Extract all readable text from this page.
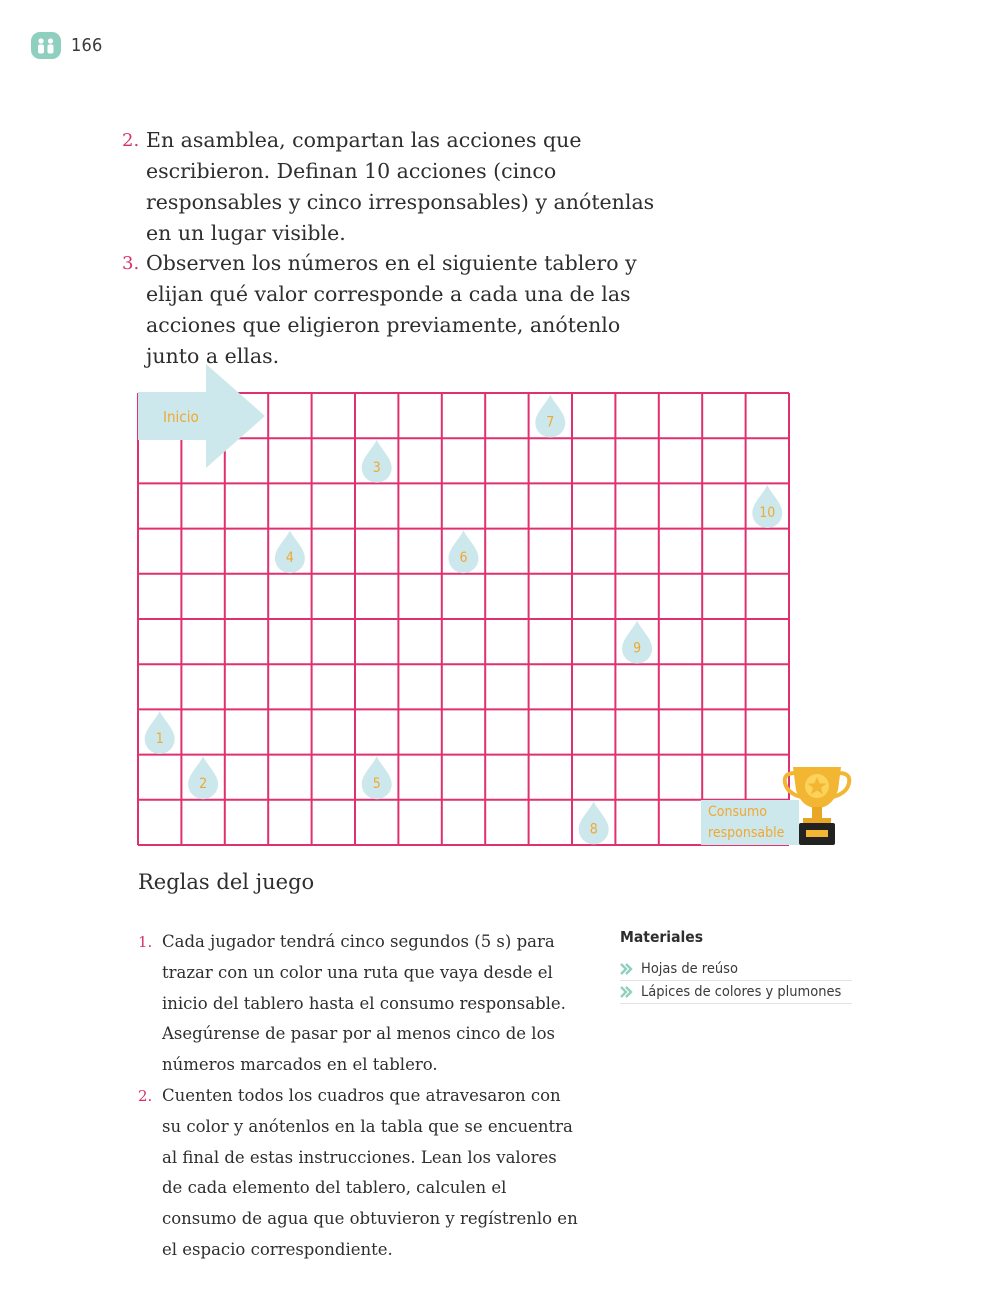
166
2. En asamblea, compartan las acciones que escribieron. Definan 10 acciones (cinco responsables y cinco irresponsables) y anótenlas en un lugar visible.
3. Observen los números en el siguiente tablero y elijan qué valor corresponde a cada una de las acciones que eligieron previamente, anótenlo junto a ellas.
Inicio
1
2
3
4
5
6
7
8
9
10
Consumo
responsable
Reglas del juego
1. Cada jugador tendrá cinco segundos (5 s) para trazar con un color una ruta que vaya desde el inicio del tablero hasta el consumo responsable. Asegúrense de pasar por al menos cinco de los números marcados en el tablero.
2. Cuenten todos los cuadros que atravesaron con su color y anótenlos en la tabla que se encuentra al final de estas instrucciones. Lean los valores de cada elemento del tablero, calculen el consumo de agua que obtuvieron y regístrenlo en el espacio correspondiente.
Materiales
Hojas de reúso
Lápices de colores y plumones
